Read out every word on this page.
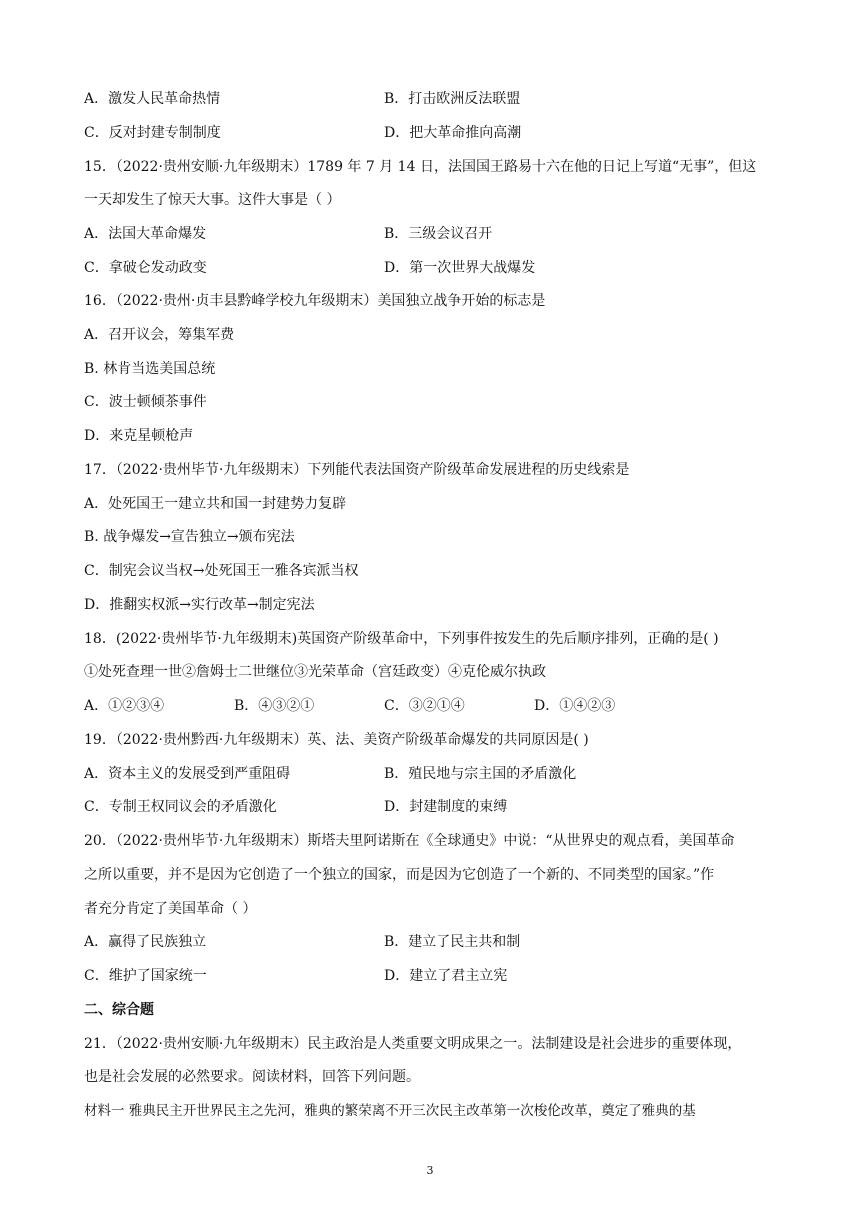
A．激发人民革命热情	B．打击欧洲反法联盟
C．反对封建专制制度	D．把大革命推向高潮
15．（2022·贵州安顺·九年级期末）1789 年 7 月 14 日，法国国王路易十六在他的日记上写道“无事”，但这
一天却发生了惊天大事。这件大事是（ ）
A．法国大革命爆发	B．三级会议召开
C．拿破仑发动政变	D．第一次世界大战爆发
16．（2022·贵州·贞丰县黔峰学校九年级期末）美国独立战争开始的标志是
A．召开议会，筹集军费
B. 林肯当选美国总统
C．波士顿倾茶事件
D．来克星顿枪声
17．（2022·贵州毕节·九年级期末）下列能代表法国资产阶级革命发展进程的历史线索是
A．处死国王一建立共和国一封建势力复辟
B. 战争爆发→宣告独立→颁布宪法
C．制宪会议当权→处死国王一雅各宾派当权
D．推翻实权派→实行改革→制定宪法
18．(2022·贵州毕节·九年级期末)英国资产阶级革命中，下列事件按发生的先后顺序排列，正确的是( )
①处死查理一世②詹姆士二世继位③光荣革命（宫廷政变）④克伦威尔执政
A．①②③④	B．④③②①	C．③②①④	D．①④②③
19．（2022·贵州黔西·九年级期末）英、法、美资产阶级革命爆发的共同原因是( )
A．资本主义的发展受到严重阻碍	B．殖民地与宗主国的矛盾激化
C．专制王权同议会的矛盾激化	D．封建制度的束缚
20．（2022·贵州毕节·九年级期末）斯塔夫里阿诺斯在《全球通史》中说：“从世界史的观点看，美国革命
之所以重要，并不是因为它创造了一个独立的国家，而是因为它创造了一个新的、不同类型的国家。”作
者充分肯定了美国革命（ ）
A．赢得了民族独立	B．建立了民主共和制
C．维护了国家统一	D．建立了君主立宪
二、综合题
21．（2022·贵州安顺·九年级期末）民主政治是人类重要文明成果之一。法制建设是社会进步的重要体现，
也是社会发展的必然要求。阅读材料，回答下列问题。
材料一 雅典民主开世界民主之先河，雅典的繁荣离不开三次民主改革第一次梭伦改革，奠定了雅典的基
3
